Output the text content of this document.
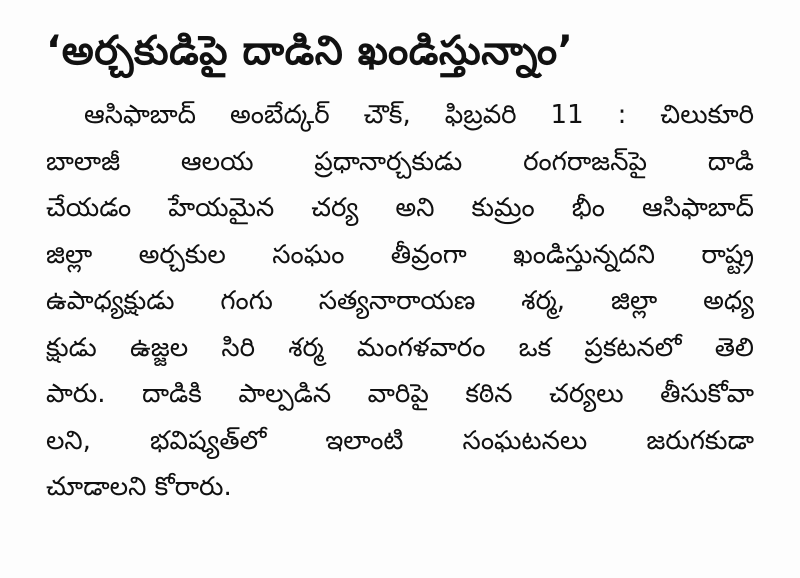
‘అర్చకుడిపై దాడిని ఖండిస్తున్నాం’
ఆసిఫాబాద్ అంబేద్కర్ చౌక్, ఫిబ్రవరి 11 : చిలుకూరి
బాలాజీ ఆలయ ప్రధానార్చకుడు రంగరాజన్‌పై దాడి
చేయడం హేయమైన చర్య అని కుమ్రం భీం ఆసిఫాబాద్
జిల్లా అర్చకుల సంఘం తీవ్రంగా ఖండిస్తున్నదని రాష్ట్ర
ఉపాధ్యక్షుడు గంగు సత్యనారాయణ శర్మ, జిల్లా అధ్య
క్షుడు ఉజ్జల సిరి శర్మ మంగళవారం ఒక ప్రకటనలో తెలి
పారు. దాడికి పాల్పడిన వారిపై కఠిన చర్యలు తీసుకోవా
లని, భవిష్యత్‌లో ఇలాంటి సంఘటనలు జరుగకుడా
చూడాలని కోరారు.
